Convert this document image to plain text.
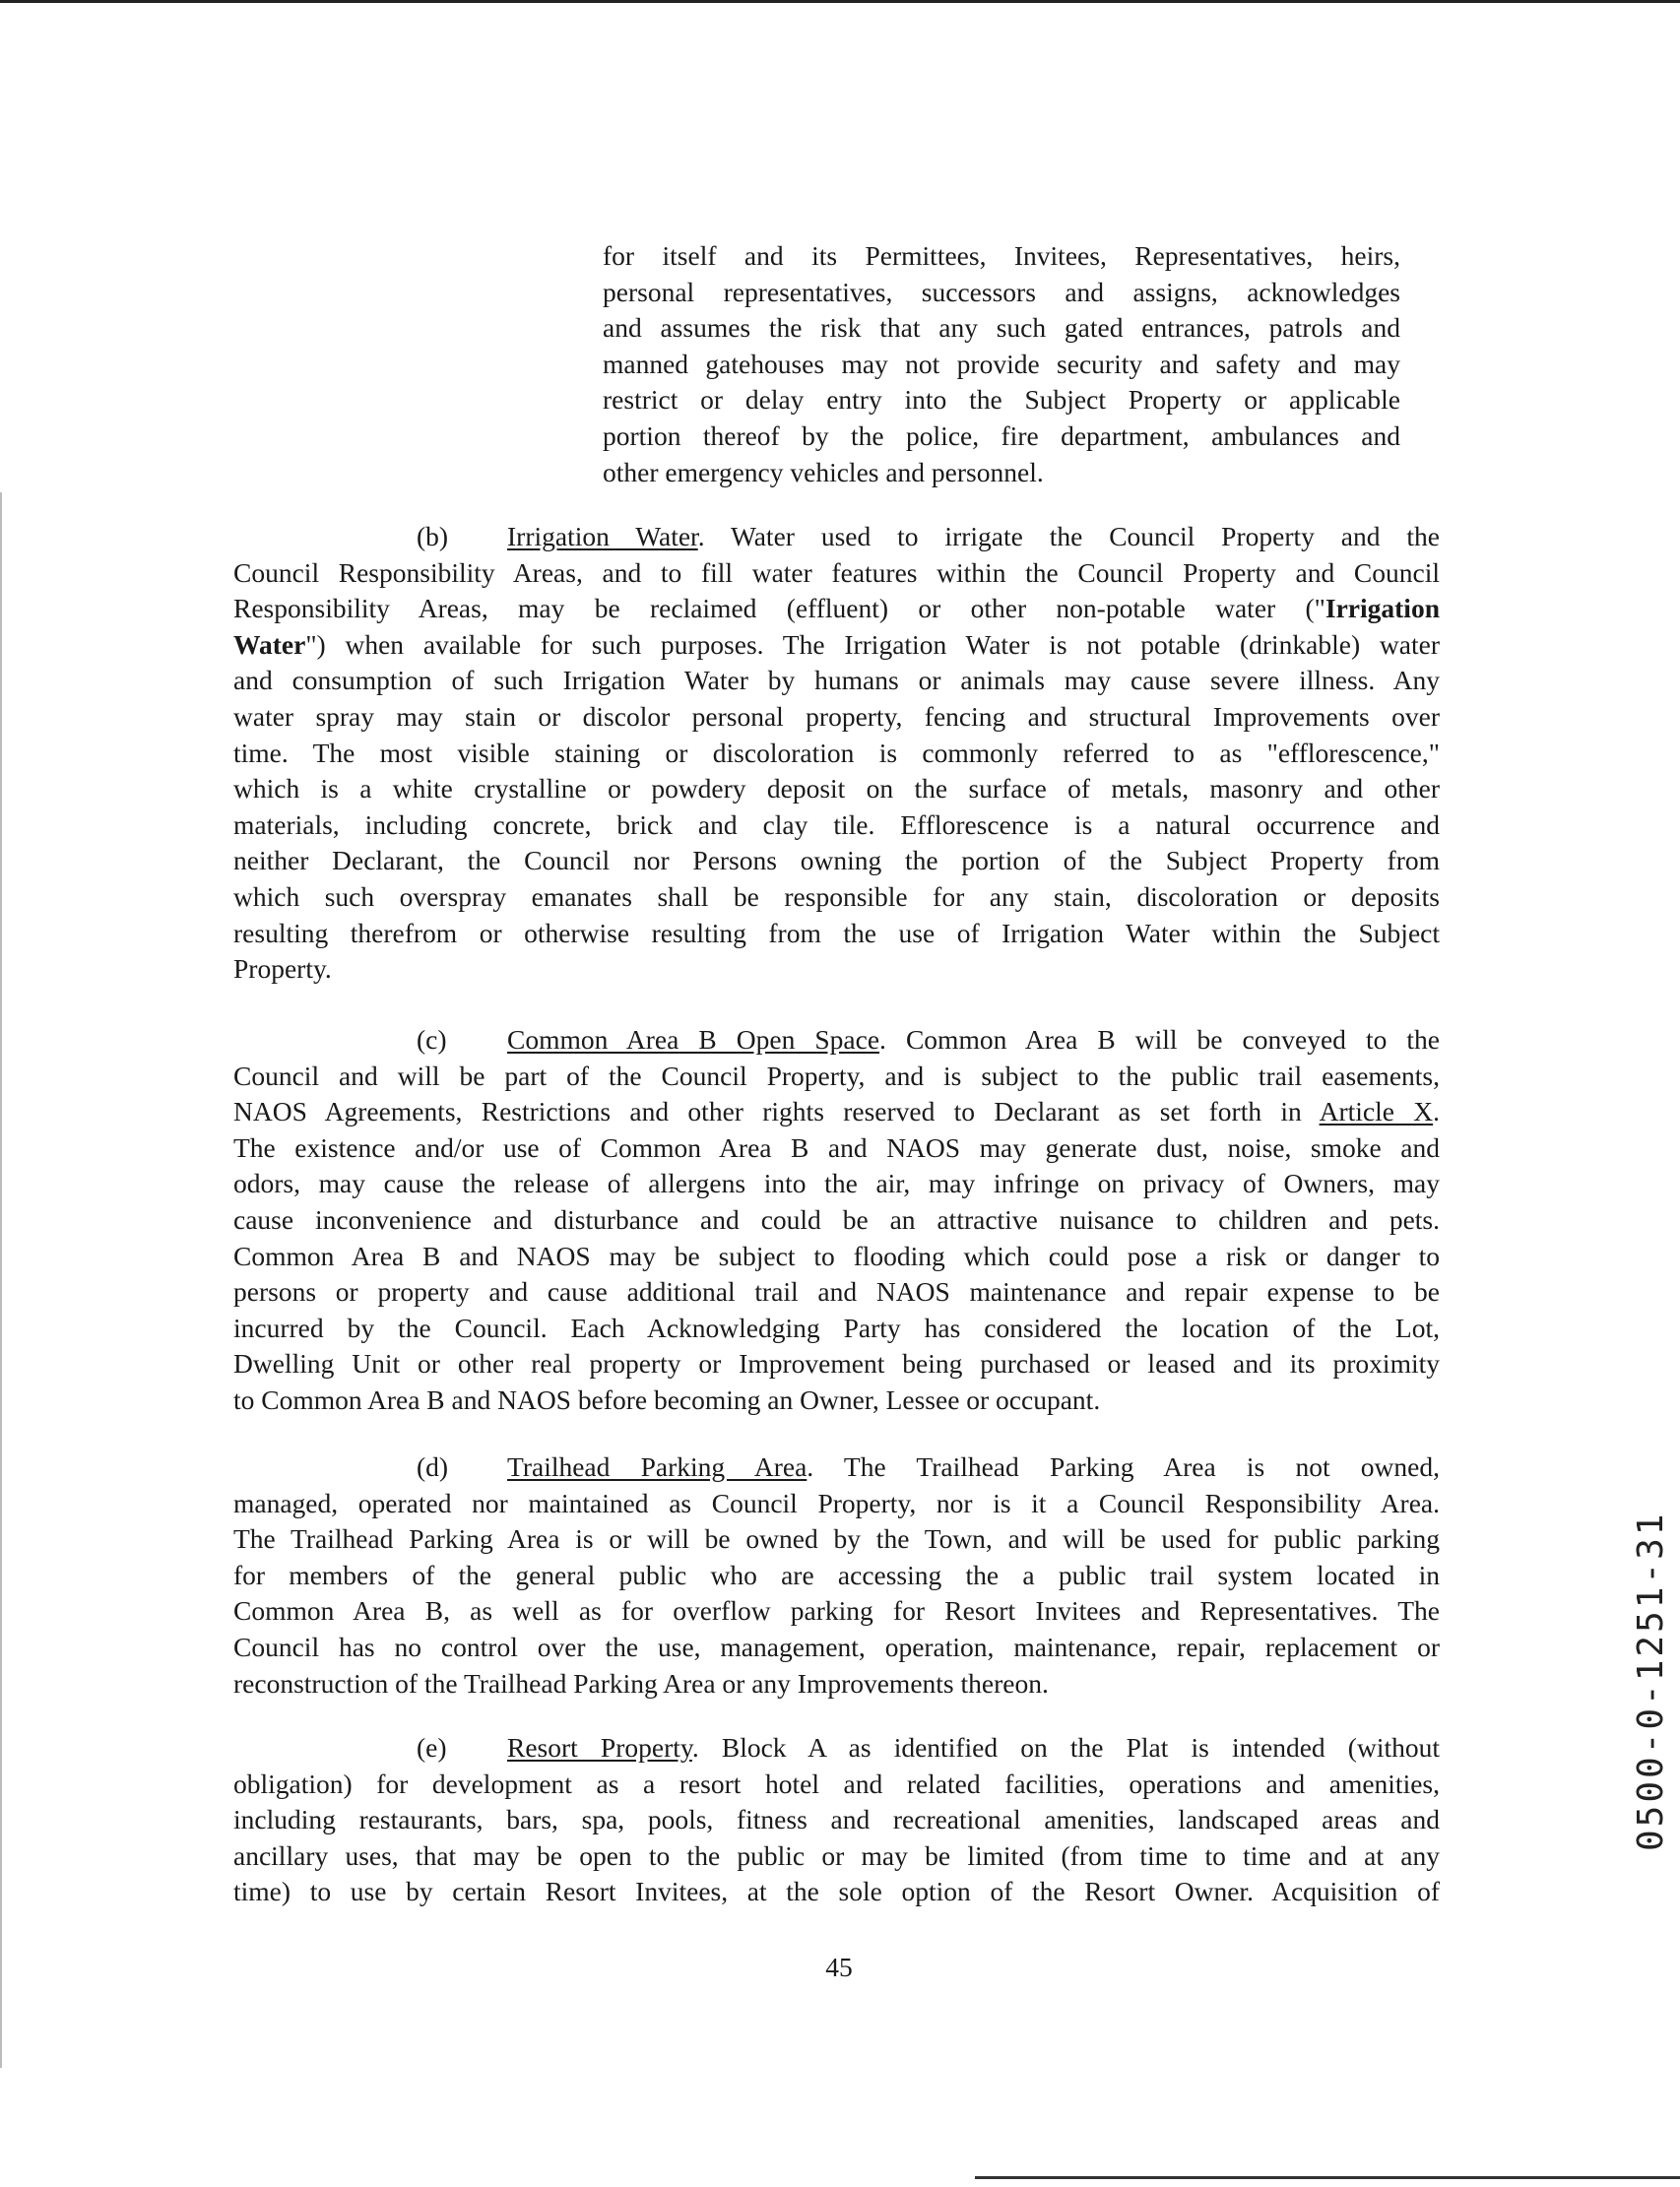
for itself and its Permittees, Invitees, Representatives, heirs,
personal representatives, successors and assigns, acknowledges
and assumes the risk that any such gated entrances, patrols and
manned gatehouses may not provide security and safety and may
restrict or delay entry into the Subject Property or applicable
portion thereof by the police, fire department, ambulances and
other emergency vehicles and personnel.
(b) Irrigation Water. Water used to irrigate the Council Property and the
Council Responsibility Areas, and to fill water features within the Council Property and Council
Responsibility Areas, may be reclaimed (effluent) or other non-potable water ("Irrigation
Water") when available for such purposes. The Irrigation Water is not potable (drinkable) water
and consumption of such Irrigation Water by humans or animals may cause severe illness. Any
water spray may stain or discolor personal property, fencing and structural Improvements over
time. The most visible staining or discoloration is commonly referred to as "efflorescence,"
which is a white crystalline or powdery deposit on the surface of metals, masonry and other
materials, including concrete, brick and clay tile. Efflorescence is a natural occurrence and
neither Declarant, the Council nor Persons owning the portion of the Subject Property from
which such overspray emanates shall be responsible for any stain, discoloration or deposits
resulting therefrom or otherwise resulting from the use of Irrigation Water within the Subject
Property.
(c) Common Area B Open Space. Common Area B will be conveyed to the
Council and will be part of the Council Property, and is subject to the public trail easements,
NAOS Agreements, Restrictions and other rights reserved to Declarant as set forth in Article X.
The existence and/or use of Common Area B and NAOS may generate dust, noise, smoke and
odors, may cause the release of allergens into the air, may infringe on privacy of Owners, may
cause inconvenience and disturbance and could be an attractive nuisance to children and pets.
Common Area B and NAOS may be subject to flooding which could pose a risk or danger to
persons or property and cause additional trail and NAOS maintenance and repair expense to be
incurred by the Council. Each Acknowledging Party has considered the location of the Lot,
Dwelling Unit or other real property or Improvement being purchased or leased and its proximity
to Common Area B and NAOS before becoming an Owner, Lessee or occupant.
(d) Trailhead Parking Area. The Trailhead Parking Area is not owned,
managed, operated nor maintained as Council Property, nor is it a Council Responsibility Area.
The Trailhead Parking Area is or will be owned by the Town, and will be used for public parking
for members of the general public who are accessing the a public trail system located in
Common Area B, as well as for overflow parking for Resort Invitees and Representatives. The
Council has no control over the use, management, operation, maintenance, repair, replacement or
reconstruction of the Trailhead Parking Area or any Improvements thereon.
(e) Resort Property. Block A as identified on the Plat is intended (without
obligation) for development as a resort hotel and related facilities, operations and amenities,
including restaurants, bars, spa, pools, fitness and recreational amenities, landscaped areas and
ancillary uses, that may be open to the public or may be limited (from time to time and at any
time) to use by certain Resort Invitees, at the sole option of the Resort Owner. Acquisition of
45
0500-0-1251-31
